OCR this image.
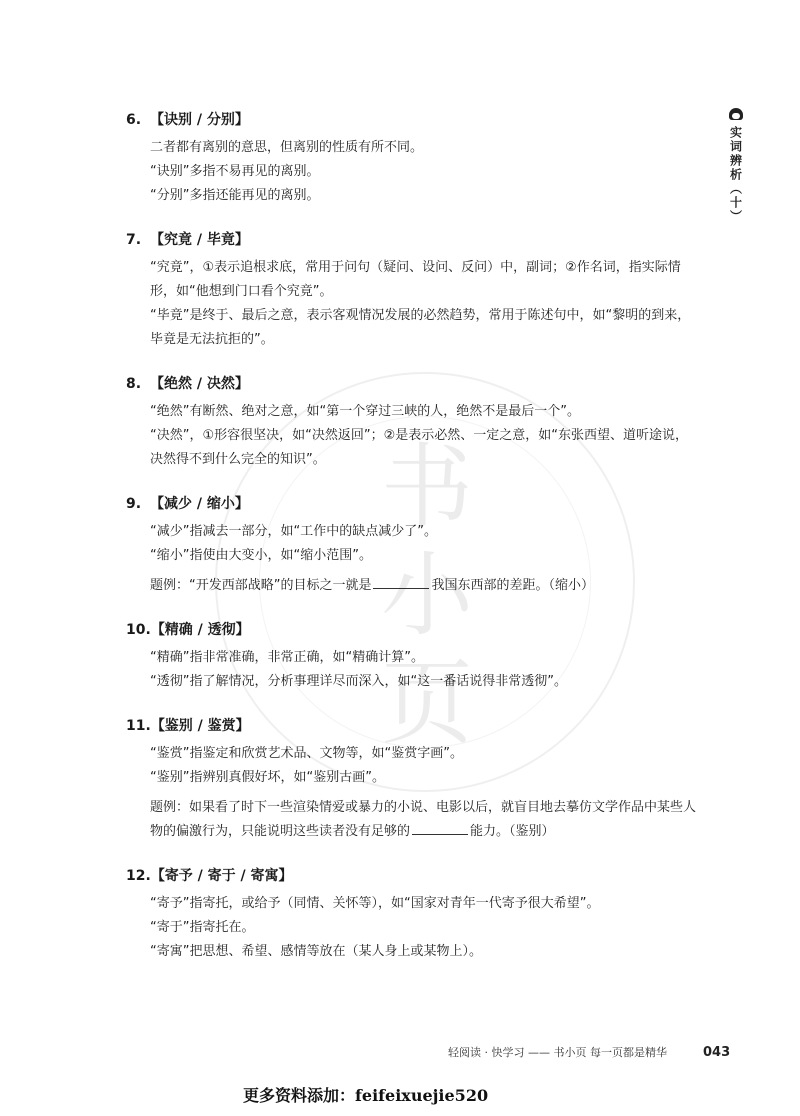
书
小
页
实词辨析（十）
6. 【诀别 / 分别】
二者都有离别的意思，但离别的性质有所不同。
“诀别”多指不易再见的离别。
“分别”多指还能再见的离别。
7. 【究竟 / 毕竟】
“究竟”，①表示追根求底，常用于问句（疑问、设问、反问）中，副词；②作名词，指实际情形，如“他想到门口看个究竟”。
“毕竟”是终于、最后之意，表示客观情况发展的必然趋势，常用于陈述句中，如“黎明的到来，毕竟是无法抗拒的”。
8. 【绝然 / 决然】
“绝然”有断然、绝对之意，如“第一个穿过三峡的人，绝然不是最后一个”。
“决然”，①形容很坚决，如“决然返回”；②是表示必然、一定之意，如“东张西望、道听途说，决然得不到什么完全的知识”。
9. 【减少 / 缩小】
“减少”指减去一部分，如“工作中的缺点减少了”。
“缩小”指使由大变小，如“缩小范围”。
题例：“开发西部战略”的目标之一就是	我国东西部的差距。（缩小）
10. 【精确 / 透彻】
“精确”指非常准确，非常正确，如“精确计算”。
“透彻”指了解情况，分析事理详尽而深入，如“这一番话说得非常透彻”。
11. 【鉴别 / 鉴赏】
“鉴赏”指鉴定和欣赏艺术品、文物等，如“鉴赏字画”。
“鉴别”指辨别真假好坏，如“鉴别古画”。
题例：如果看了时下一些渲染情爱或暴力的小说、电影以后，就盲目地去摹仿文学作品中某些人物的偏激行为，只能说明这些读者没有足够的	能力。（鉴别）
12. 【寄予 / 寄于 / 寄寓】
“寄予”指寄托，或给予（同情、关怀等），如“国家对青年一代寄予很大希望”。
“寄于”指寄托在。
“寄寓”把思想、希望、感情等放在（某人身上或某物上）。
轻阅读 · 快学习 —— 书小页 每一页都是精华	043
更多资料添加：feifeixuejie520
